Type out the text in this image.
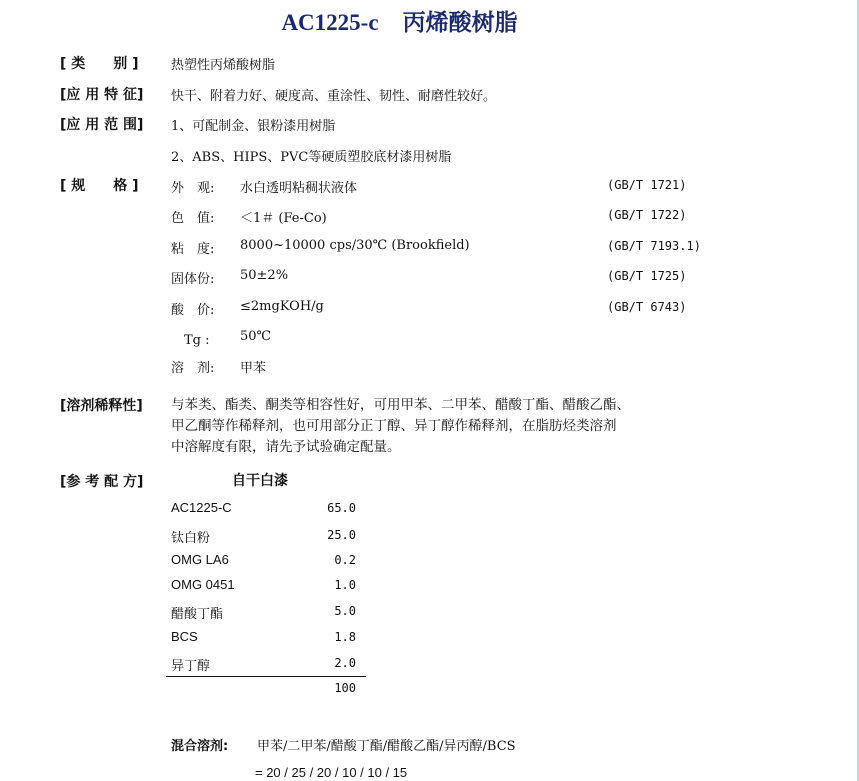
AC1225-c 丙烯酸树脂
[ 类　　别 ] 热塑性丙烯酸树脂
[应 用 特 征] 快干、附着力好、硬度高、重涂性、韧性、耐磨性较好。
[应 用 范 围] 1、可配制金、银粉漆用树脂
2、ABS、HIPS、PVC等硬质塑胶底材漆用树脂
[ 规　　格 ] 外　观: 水白透明粘稠状液体	(GB/T 1721)
色　值: ＜1＃ (Fe-Co)	(GB/T 1722)
粘　度: 8000~10000 cps/30℃ (Brookfield)	(GB/T 7193.1)
固体份: 50±2%	(GB/T 1725)
酸　价: ≤2mgKOH/g	(GB/T 6743)
　Tg : 50℃
溶　剂: 甲苯
[溶剂稀释性] 与苯类、酯类、酮类等相容性好，可用甲苯、二甲苯、醋酸丁酯、醋酸乙酯、
甲乙酮等作稀释剂，也可用部分正丁醇、异丁醇作稀释剂，在脂肪烃类溶剂
中溶解度有限，请先予试验确定配量。
[参 考 配 方]	自干白漆
AC1225-C	65.0
钛白粉	25.0
OMG LA6	0.2
OMG 0451	1.0
醋酸丁酯	5.0
BCS	1.8
异丁醇	2.0
100
混合溶剂: 甲苯/二甲苯/醋酸丁酯/醋酸乙酯/异丙醇/BCS
= 20 / 25 / 20 / 10 / 10 / 15
